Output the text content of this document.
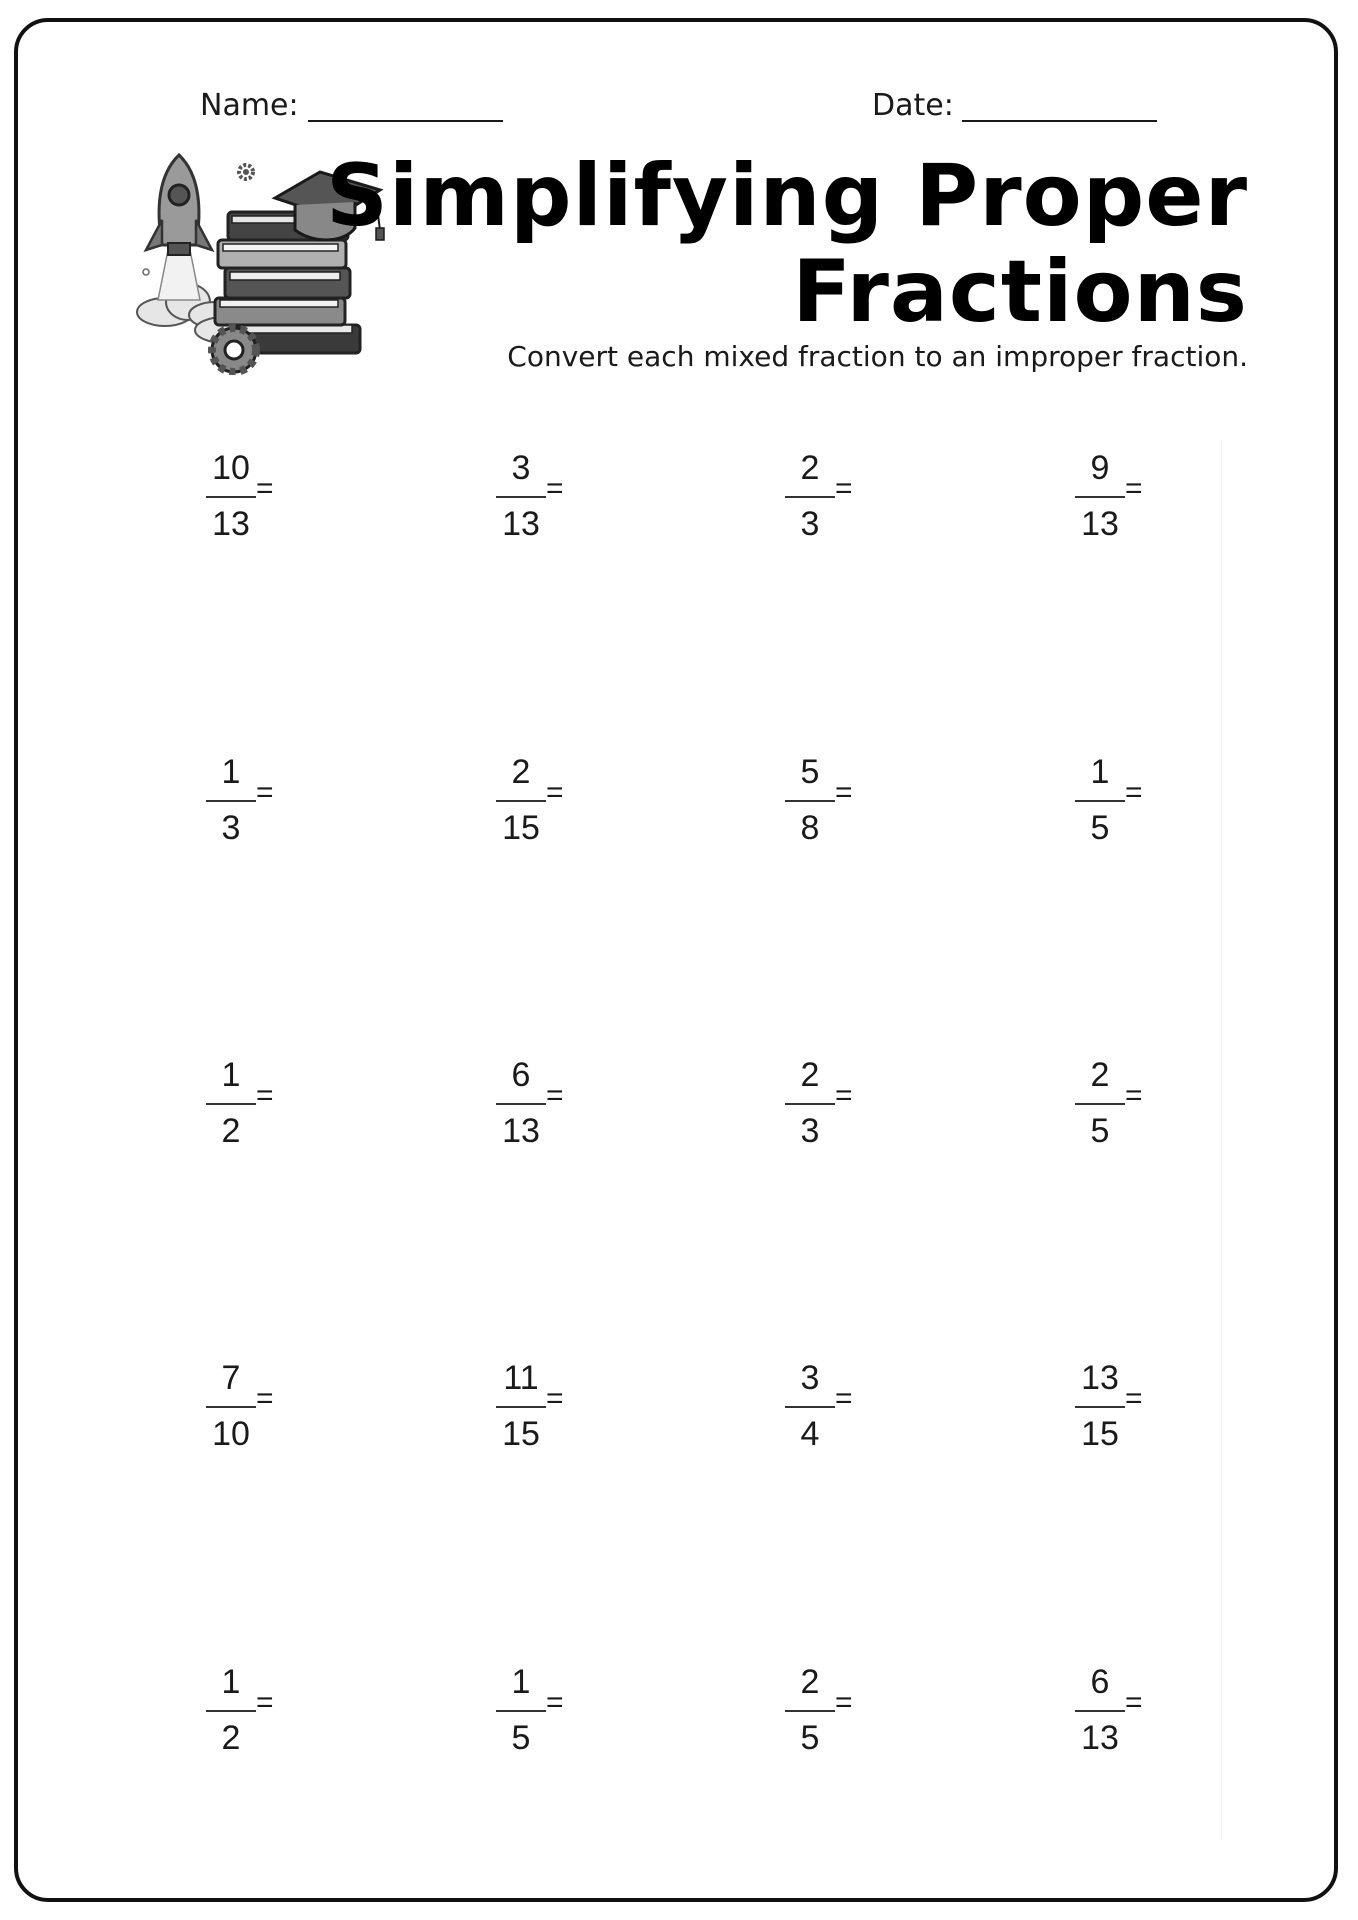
Name:	Date:
Simplifying Proper
Fractions
Convert each mixed fraction to an improper fraction.
10
13
=
3
13
=
2
3
=
9
13
=
1
3
=
2
15
=
5
8
=
1
5
=
1
2
=
6
13
=
2
3
=
2
5
=
7
10
=
11
15
=
3
4
=
13
15
=
1
2
=
1
5
=
2
5
=
6
13
=
